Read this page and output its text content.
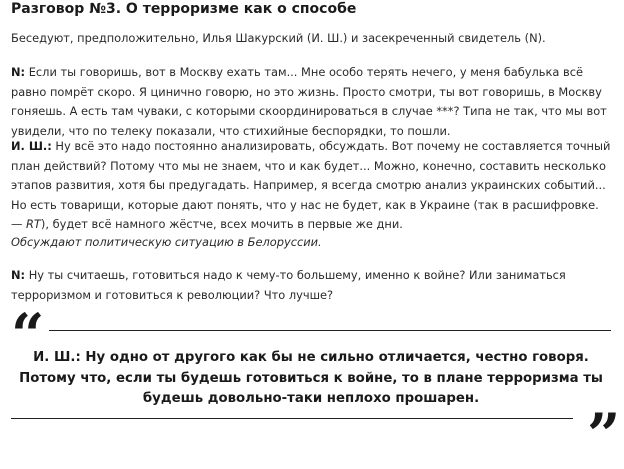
Разговор №3. О терроризме как о способе

Беседуют, предположительно, Илья Шакурский (И. Ш.) и засекреченный свидетель (N).

N: Если ты говоришь, вот в Москву ехать там... Мне особо терять нечего, у меня бабулька всё равно помрёт скоро. Я цинично говорю, но это жизнь. Просто смотри, ты вот говоришь, в Москву гоняешь. А есть там чуваки, с которыми скоординироваться в случае ***? Типа не так, что мы вот увидели, что по телеку показали, что стихийные беспорядки, то пошли.

И. Ш.: Ну всё это надо постоянно анализировать, обсуждать. Вот почему не составляется точный план действий? Потому что мы не знаем, что и как будет... Можно, конечно, составить несколько этапов развития, хотя бы предугадать. Например, я всегда смотрю анализ украинских событий... Но есть товарищи, которые дают понять, что у нас не будет, как в Украине (так в расшифровке. — RT), будет всё намного жёстче, всех мочить в первые же дни.

Обсуждают политическую ситуацию в Белоруссии.

N: Ну ты считаешь, готовиться надо к чему-то большему, именно к войне? Или заниматься терроризмом и готовиться к революции? Что лучше?

“

И. Ш.: Ну одно от другого как бы не сильно отличается, честно говоря. Потому что, если ты будешь готовиться к войне, то в плане терроризма ты будешь довольно-таки неплохо прошарен.

”
